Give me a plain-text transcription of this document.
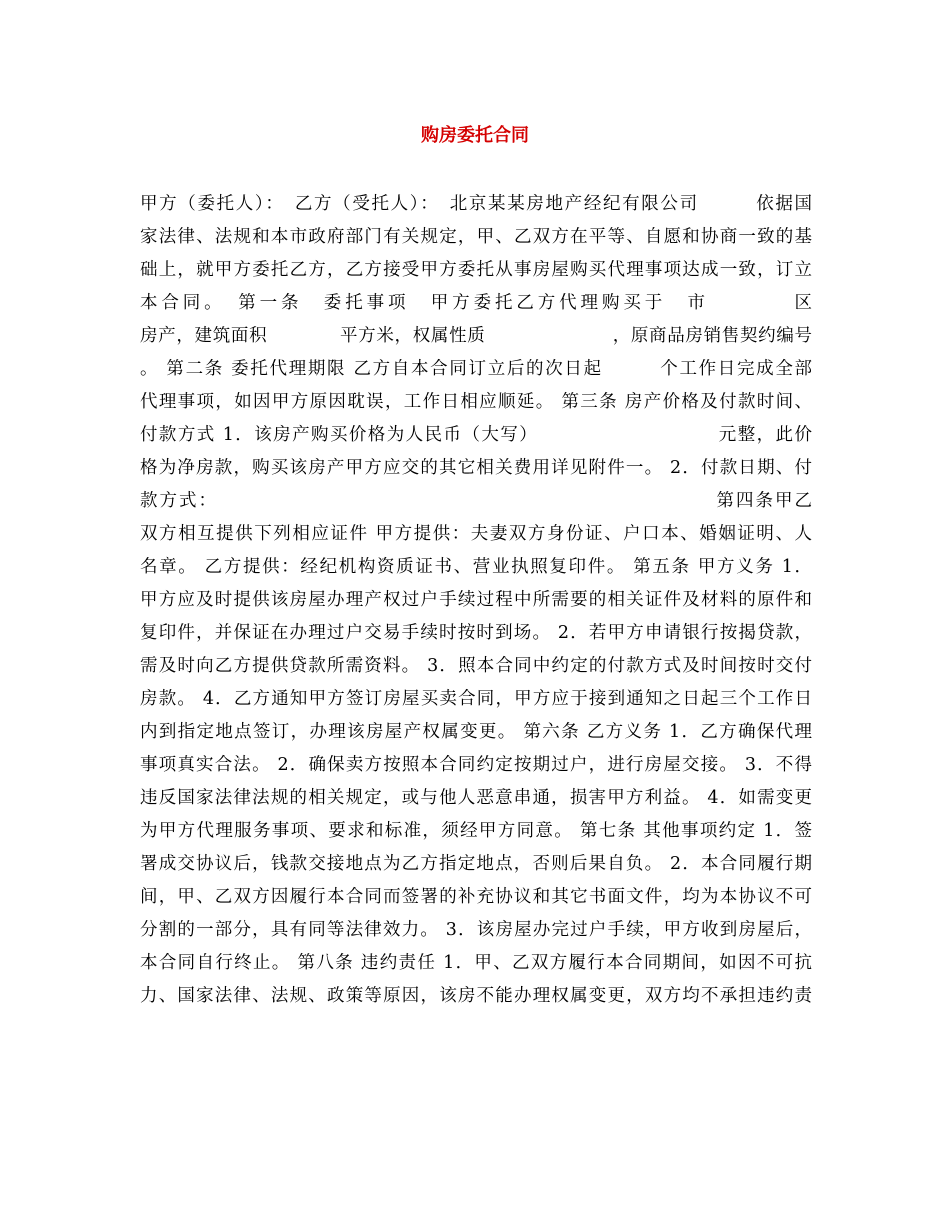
购房委托合同
甲方（委托人）：　乙方（受托人）：　北京某某房地产经纪有限公司　　　依据国
家法律、法规和本市政府部门有关规定，甲、乙双方在平等、自愿和协商一致的基
础上，就甲方委托乙方，乙方接受甲方委托从事房屋购买代理事项达成一致，订立
本合同。　第一条　委托事项　甲方委托乙方代理购买于　市　　　　区
房产，建筑面积　　　　平方米，权属性质　　　　　　　，原商品房销售契约编号
。 第二条 委托代理期限 乙方自本合同订立后的次日起　　　个工作日完成全部
代理事项，如因甲方原因耽误，工作日相应顺延。 第三条 房产价格及付款时间、
付款方式 1．该房产购买价格为人民币（大写）　　　　　　　　　　元整，此价
格为净房款，购买该房产甲方应交的其它相关费用详见附件一。 2．付款日期、付
款方式：　　　　　　　　　　　　　　　　　　　　　　　　　　第四条甲乙
双方相互提供下列相应证件 甲方提供：夫妻双方身份证、户口本、婚姻证明、人
名章。 乙方提供：经纪机构资质证书、营业执照复印件。 第五条 甲方义务 1．
甲方应及时提供该房屋办理产权过户手续过程中所需要的相关证件及材料的原件和
复印件，并保证在办理过户交易手续时按时到场。 2．若甲方申请银行按揭贷款，
需及时向乙方提供贷款所需资料。 3．照本合同中约定的付款方式及时间按时交付
房款。 4．乙方通知甲方签订房屋买卖合同，甲方应于接到通知之日起三个工作日
内到指定地点签订，办理该房屋产权属变更。 第六条 乙方义务 1．乙方确保代理
事项真实合法。 2．确保卖方按照本合同约定按期过户，进行房屋交接。 3．不得
违反国家法律法规的相关规定，或与他人恶意串通，损害甲方利益。 4．如需变更
为甲方代理服务事项、要求和标准，须经甲方同意。 第七条 其他事项约定 1．签
署成交协议后，钱款交接地点为乙方指定地点，否则后果自负。 2．本合同履行期
间，甲、乙双方因履行本合同而签署的补充协议和其它书面文件，均为本协议不可
分割的一部分，具有同等法律效力。 3．该房屋办完过户手续，甲方收到房屋后，
本合同自行终止。 第八条 违约责任 1．甲、乙双方履行本合同期间，如因不可抗
力、国家法律、法规、政策等原因，该房不能办理权属变更，双方均不承担违约责
